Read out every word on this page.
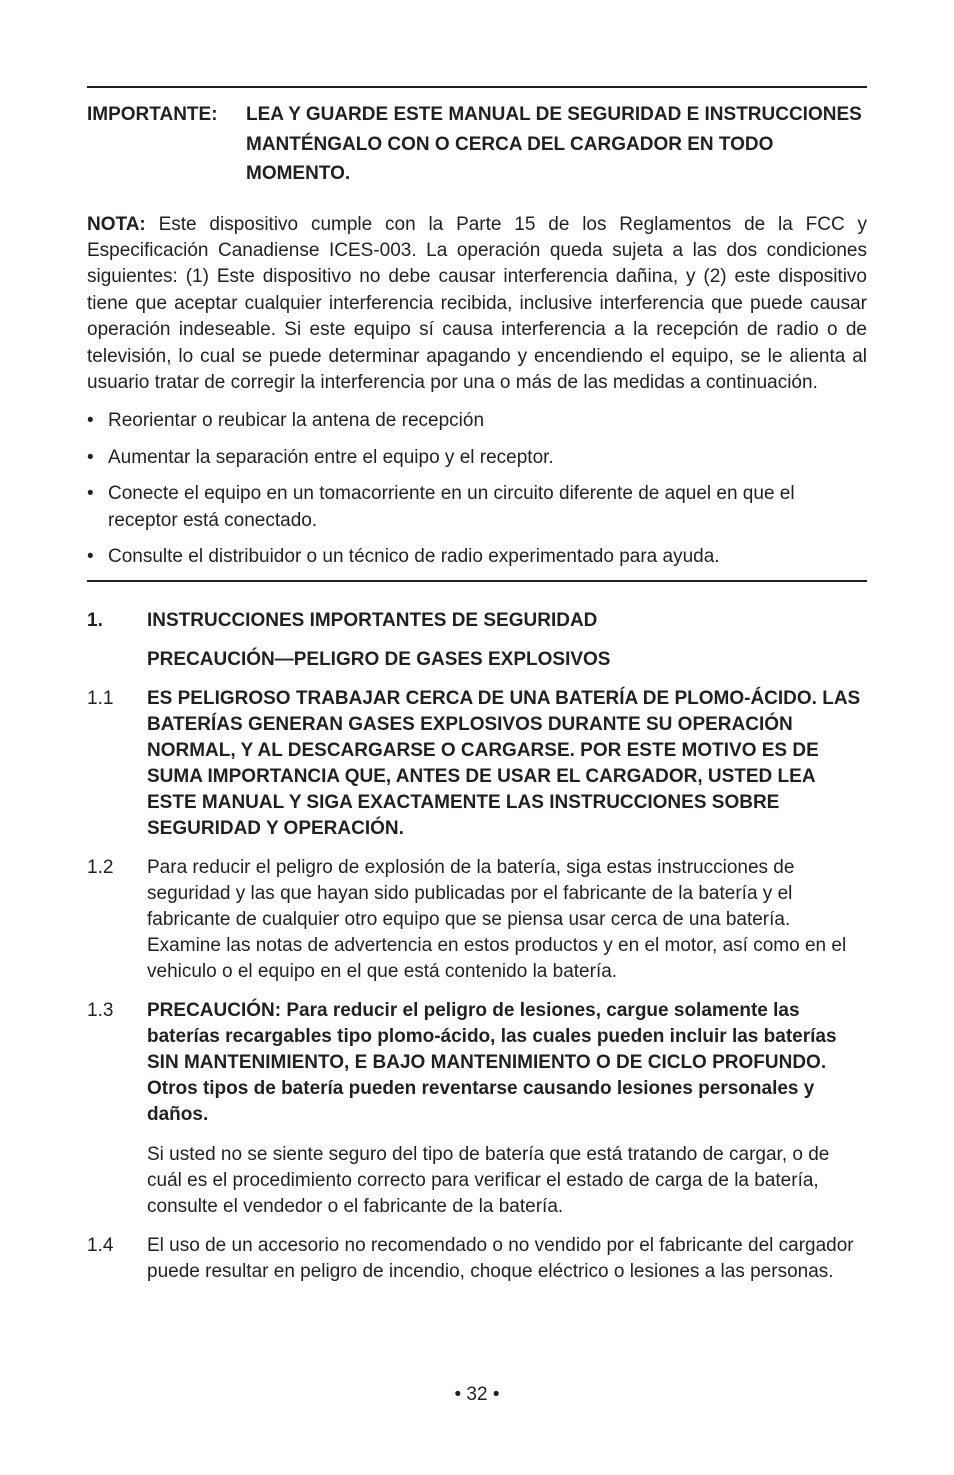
IMPORTANTE:	LEA Y GUARDE ESTE MANUAL DE SEGURIDAD E INSTRUCCIONES MANTÉNGALO CON O CERCA DEL CARGADOR EN TODO MOMENTO.
NOTA: Este dispositivo cumple con la Parte 15 de los Reglamentos de la FCC y Especificación Canadiense ICES-003. La operación queda sujeta a las dos condiciones siguientes: (1) Este dispositivo no debe causar interferencia dañina, y (2) este dispositivo tiene que aceptar cualquier interferencia recibida, inclusive interferencia que puede causar operación indeseable. Si este equipo sí causa interferencia a la recepción de radio o de televisión, lo cual se puede determinar apagando y encendiendo el equipo, se le alienta al usuario tratar de corregir la interferencia por una o más de las medidas a continuación.
• Reorientar o reubicar la antena de recepción
• Aumentar la separación entre el equipo y el receptor.
• Conecte el equipo en un tomacorriente en un circuito diferente de aquel en que el receptor está conectado.
• Consulte el distribuidor o un técnico de radio experimentado para ayuda.
1.	INSTRUCCIONES IMPORTANTES DE SEGURIDAD
PRECAUCIÓN—PELIGRO DE GASES EXPLOSIVOS
1.1	ES PELIGROSO TRABAJAR CERCA DE UNA BATERÍA DE PLOMO-ÁCIDO. LAS BATERÍAS GENERAN GASES EXPLOSIVOS DURANTE SU OPERACIÓN NORMAL, Y AL DESCARGARSE O CARGARSE. POR ESTE MOTIVO ES DE SUMA IMPORTANCIA QUE, ANTES DE USAR EL CARGADOR, USTED LEA ESTE MANUAL Y SIGA EXACTAMENTE LAS INSTRUCCIONES SOBRE SEGURIDAD Y OPERACIÓN.
1.2	Para reducir el peligro de explosión de la batería, siga estas instrucciones de seguridad y las que hayan sido publicadas por el fabricante de la batería y el fabricante de cualquier otro equipo que se piensa usar cerca de una batería. Examine las notas de advertencia en estos productos y en el motor, así como en el vehiculo o el equipo en el que está contenido la batería.
1.3	PRECAUCIÓN: Para reducir el peligro de lesiones, cargue solamente las baterías recargables tipo plomo-ácido, las cuales pueden incluir las baterías SIN MANTENIMIENTO, E BAJO MANTENIMIENTO O DE CICLO PROFUNDO. Otros tipos de batería pueden reventarse causando lesiones personales y daños.
Si usted no se siente seguro del tipo de batería que está tratando de cargar, o de cuál es el procedimiento correcto para verificar el estado de carga de la batería, consulte el vendedor o el fabricante de la batería.
1.4	El uso de un accesorio no recomendado o no vendido por el fabricante del cargador puede resultar en peligro de incendio, choque eléctrico o lesiones a las personas.
• 32 •
